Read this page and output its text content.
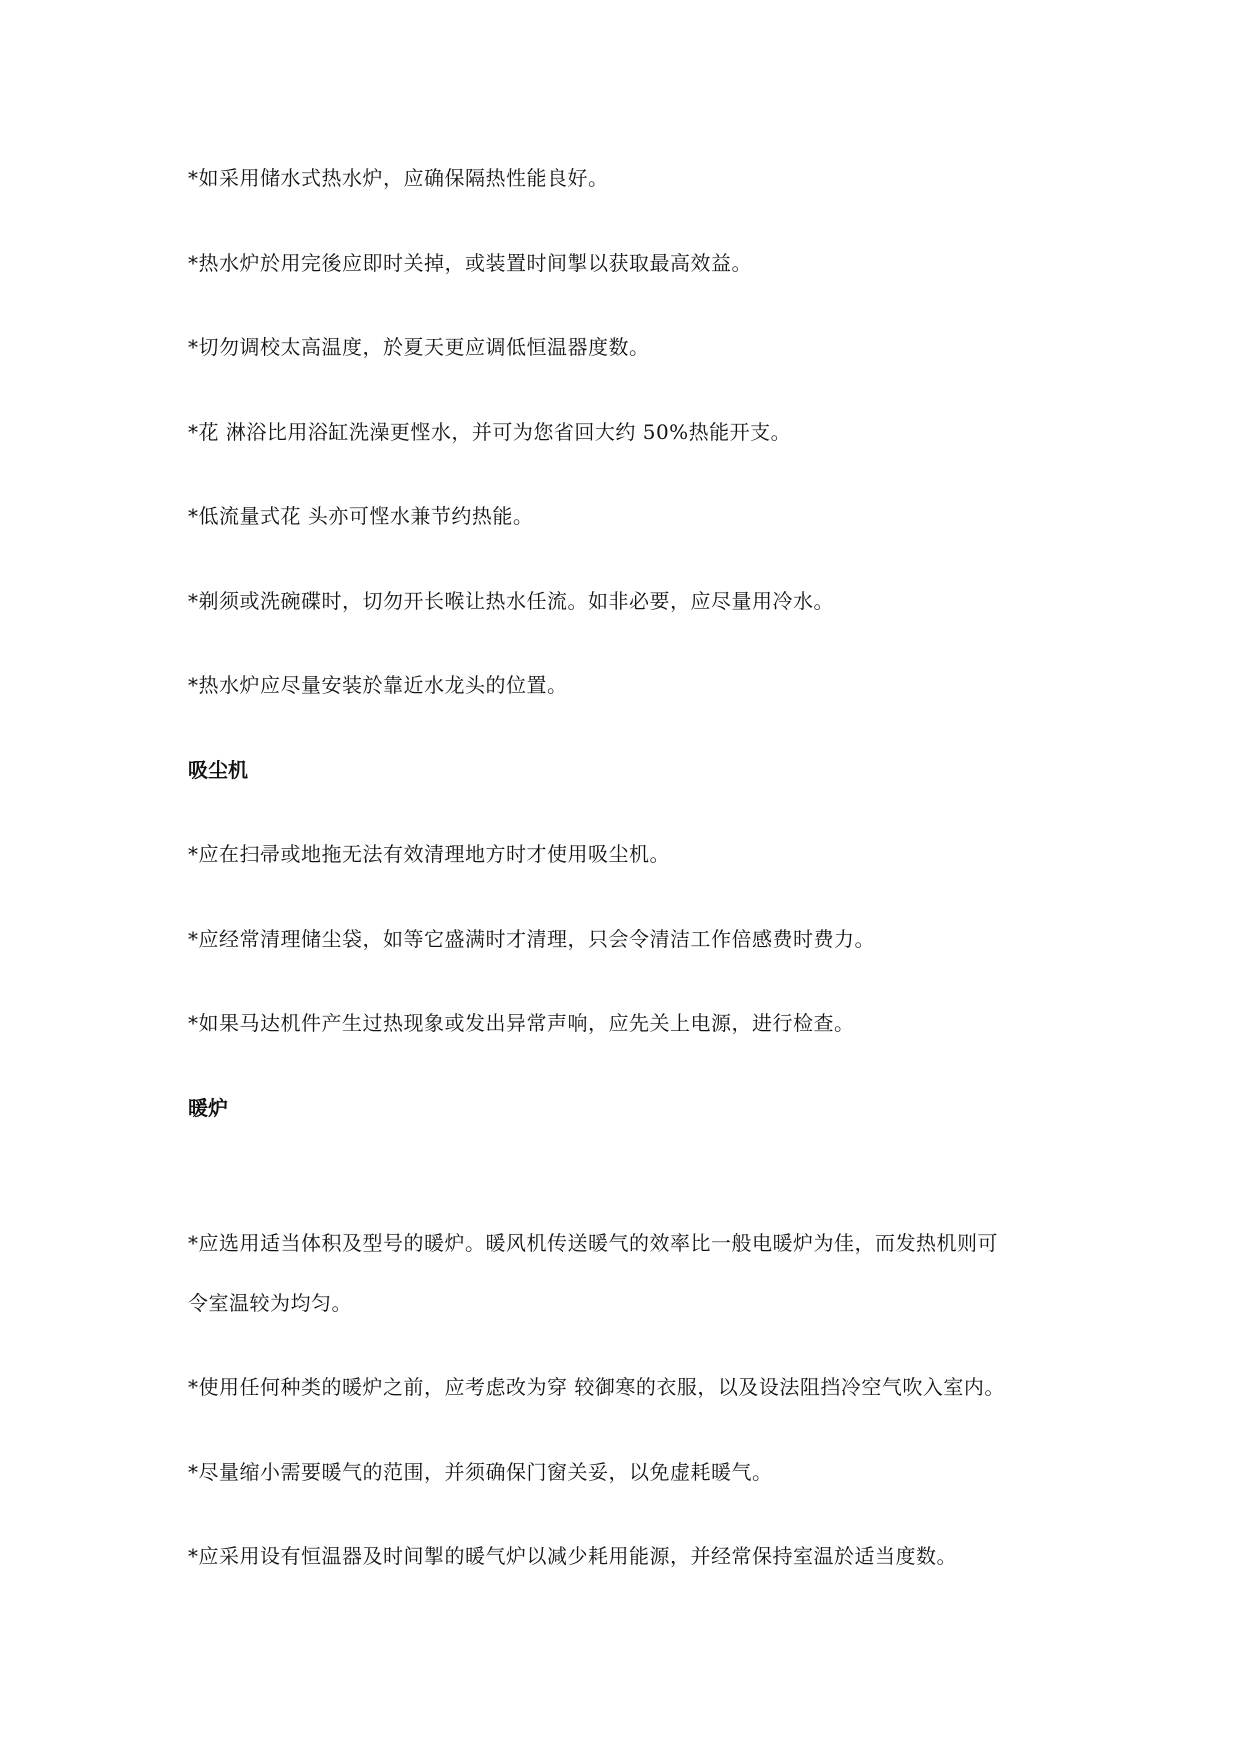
*如采用储水式热水炉，应确保隔热性能良好。
*热水炉於用完後应即时关掉，或装置时间掣以获取最高效益。
*切勿调校太高温度，於夏天更应调低恒温器度数。
*花 淋浴比用浴缸洗澡更悭水，并可为您省回大约 50%热能开支。
*低流量式花 头亦可悭水兼节约热能。
*剃须或洗碗碟时，切勿开长喉让热水任流。如非必要，应尽量用冷水。
*热水炉应尽量安装於靠近水龙头的位置。
吸尘机
*应在扫帚或地拖无法有效清理地方时才使用吸尘机。
*应经常清理储尘袋，如等它盛满时才清理，只会令清洁工作倍感费时费力。
*如果马达机件产生过热现象或发出异常声响，应先关上电源，进行检查。
暖炉
*应选用适当体积及型号的暖炉。暖风机传送暖气的效率比一般电暖炉为佳，而发热机则可
令室温较为均匀。
*使用任何种类的暖炉之前，应考虑改为穿 较御寒的衣服，以及设法阻挡冷空气吹入室内。
*尽量缩小需要暖气的范围，并须确保门窗关妥，以免虚耗暖气。
*应采用设有恒温器及时间掣的暖气炉以减少耗用能源，并经常保持室温於适当度数。
